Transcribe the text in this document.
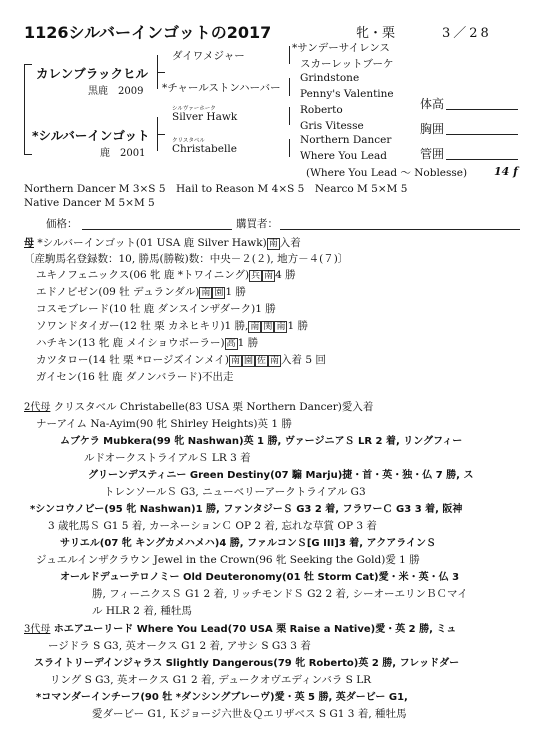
1126シルバーインゴットの2017	牝・栗	3／28
カレンブラックヒル
黒鹿　2009
ダイワメジャー
*チャールストンハーバー
*サンデーサイレンス
スカーレットブーケ
Grindstone
Penny's Valentine
*シルバーインゴット
鹿　2001
シルヴァーホーク
Silver Hawk
クリスタベル
Christabelle
Roberto
Gris Vitesse
Northern Dancer
Where You Lead
(Where You Lead 〜 Noblesse) 14 f
体高
胸囲
管囲
Northern Dancer M 3×S 5　Hail to Reason M 4×S 5　Nearco M 5×M 5
Native Dancer M 5×M 5
価格：	購買者：
母 *シルバーインゴット(01 USA 鹿 Silver Hawk) 南 入着
〔産駒馬名登録数：10, 勝馬(勝鞍)数：中央－２(２), 地方－４(７)〕
ユキノフェニックス(06 牝 鹿 *トワイニング) 兵 南 4 勝
エドノビゼン(09 牡 デュランダル) 南 園 1 勝
コスモブレード(10 牡 鹿 ダンスインザダーク)1 勝
ソワンドタイガー(12 牡 栗 カネヒキリ)1 勝, 南 関 南 1 勝
ハチキン(13 牝 鹿 メイショウボーラー) 高 1 勝
カツタロー(14 牡 栗 *ロージズインメイ) 南 園 佐 南 入着 5 回
ガイセン(16 牡 鹿 ダノンバラード)不出走
2代母 クリスタベル Christabelle(83 USA 栗 Northern Dancer)愛入着
ナーアイム Na-Ayim(90 牝 Shirley Heights)英 1 勝
ムブケラ Mubkera(99 牝 Nashwan)英 1 勝, ヴァージニアＳ LR 2 着, リングフィー
ルドオークストライアルＳ LR 3 着
グリーンデスティニー Green Destiny(07 騸 Marju)捷・首・英・独・仏 7 勝, ス
トレンソールＳ G3, ニューベリーアークトライアル G3
*シンコウノビー(95 牝 Nashwan)1 勝, ファンタジーＳ G3 2 着, フラワーＣ G3 3 着, 阪神
3 歳牝馬Ｓ G1 5 着, カーネーションＣ OP 2 着, 忘れな草賞 OP 3 着
サリエル(07 牝 キングカメハメハ)4 勝, ファルコンＳ[G III]3 着, アクアラインＳ
ジュエルインザクラウン Jewel in the Crown(96 牝 Seeking the Gold)愛 1 勝
オールドデューテロノミー Old Deuteronomy(01 牡 Storm Cat)愛・米・英・仏 3
勝, フィーニクスＳ G1 2 着, リッチモンドＳ G2 2 着, シーオーエリンＢＣマイ
ル HLR 2 着, 種牡馬
3代母 ホエアユーリード Where You Lead(70 USA 栗 Raise a Native)愛・英 2 勝, ミュ
ージドラ S G3, 英オークス G1 2 着, アサシ S G3 3 着
スライトリーデインジャラス Slightly Dangerous(79 牝 Roberto)英 2 勝, フレッドダー
リング S G3, 英オークス G1 2 着, デュークオヴエディンバラ S LR
*コマンダーインチーフ(90 牡 *ダンシングブレーヴ)愛・英 5 勝, 英ダービー G1,
愛ダービー G1, Ｋジョージ六世＆Ｑエリザベス S G1 3 着, 種牡馬
